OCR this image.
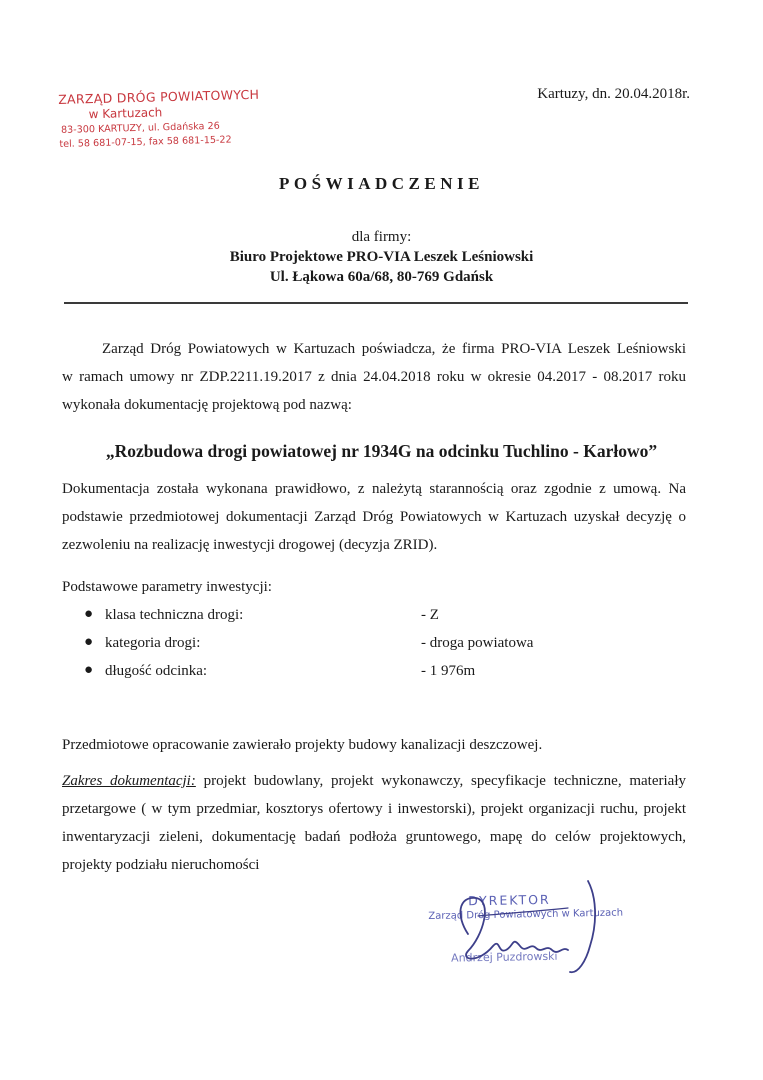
ZARZĄD DRÓG POWIATOWYCH
w Kartuzach
83-300 KARTUZY, ul. Gdańska 26
tel. 58 681-07-15, fax 58 681-15-22
Kartuzy, dn. 20.04.2018r.
POŚWIADCZENIE
dla firmy:
Biuro Projektowe PRO-VIA Leszek Leśniowski
Ul. Łąkowa 60a/68, 80-769 Gdańsk
Zarząd Dróg Powiatowych w Kartuzach poświadcza, że firma PRO-VIA Leszek Leśniowski
w ramach umowy nr ZDP.2211.19.2017 z dnia 24.04.2018 roku w okresie 04.2017 - 08.2017 roku
wykonała dokumentację projektową pod nazwą:
„Rozbudowa drogi powiatowej nr 1934G na odcinku Tuchlino - Karłowo”
Dokumentacja została wykonana prawidłowo, z należytą starannością oraz zgodnie z umową. Na
podstawie przedmiotowej dokumentacji Zarząd Dróg Powiatowych w Kartuzach uzyskał decyzję o
zezwoleniu na realizację inwestycji drogowej (decyzja ZRID).
Podstawowe parametry inwestycji:
● klasa techniczna drogi:	- Z
● kategoria drogi:	- droga powiatowa
● długość odcinka:	- 1 976m
Przedmiotowe opracowanie zawierało projekty budowy kanalizacji deszczowej.
Zakres dokumentacji: projekt budowlany, projekt wykonawczy, specyfikacje techniczne, materiały
przetargowe ( w tym przedmiar, kosztorys ofertowy i inwestorski), projekt organizacji ruchu, projekt
inwentaryzacji zieleni, dokumentację badań podłoża gruntowego, mapę do celów projektowych,
projekty podziału nieruchomości
DYREKTOR
Zarząd Dróg Powiatowych w Kartuzach
Andrzej Puzdrowski
